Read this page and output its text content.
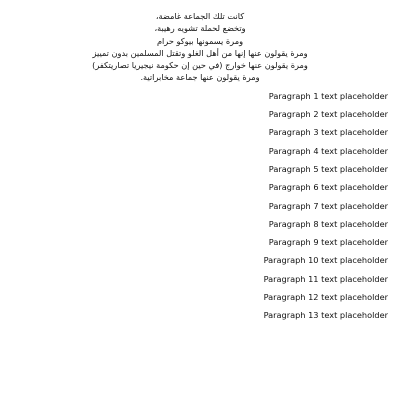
كانت تلك الجماعة غامضة،
وتخضع لحملة تشويه رهيبة،
ومرة يسمونها بيوكو حرام
ومرة يقولون عنها إنها من أهل الغلو وتقتل المسلمين بدون تمييز
ومرة يقولون عنها خوارج (في حين إن حكومة نيجيريا تصاريتكفر)
ومرة يقولون عنها جماعة مخابراتية.

Paragraph 1 text placeholder

Paragraph 2 text placeholder

Paragraph 3 text placeholder

Paragraph 4 text placeholder

Paragraph 5 text placeholder

Paragraph 6 text placeholder

Paragraph 7 text placeholder

Paragraph 8 text placeholder

Paragraph 9 text placeholder

Paragraph 10 text placeholder

Paragraph 11 text placeholder

Paragraph 12 text placeholder

Paragraph 13 text placeholder
